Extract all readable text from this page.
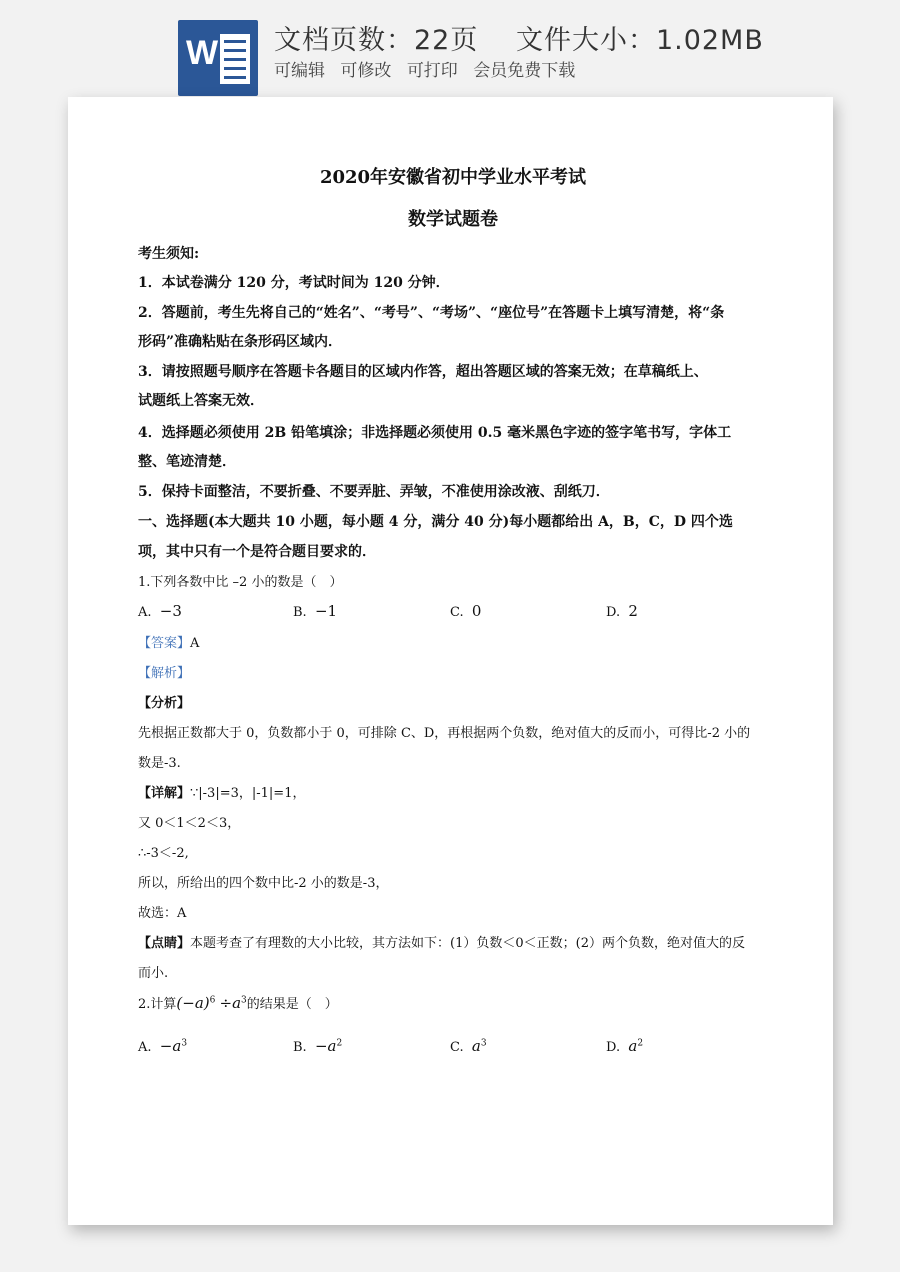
W 文档页数：22页　 文件大小：1.02MB
可编辑 可修改 可打印 会员免费下载
2020年安徽省初中学业水平考试
数学试题卷
考生须知:
1．本试卷满分 120 分，考试时间为 120 分钟．
2．答题前，考生先将自己的“姓名”、“考号”、“考场”、“座位号”在答题卡上填写清楚，将“条
形码”准确粘贴在条形码区域内．
3．请按照题号顺序在答题卡各题目的区域内作答，超出答题区域的答案无效；在草稿纸上、
试题纸上答案无效．
4．选择题必须使用 2B 铅笔填涂；非选择题必须使用 0.5 毫米黑色字迹的签字笔书写，字体工
整、笔迹清楚．
5．保持卡面整洁，不要折叠、不要弄脏、弄皱，不准使用涂改液、刮纸刀．
一、选择题(本大题共 10 小题，每小题 4 分，满分 40 分)每小题都给出 A，B，C，D 四个选
项，其中只有一个是符合题目要求的．
1.下列各数中比 –2 小的数是（　）
A. −3	B. −1	C. 0	D. 2
【答案】A
【解析】
【分析】
先根据正数都大于 0，负数都小于 0，可排除 C、D，再根据两个负数，绝对值大的反而小，可得比-2 小的
数是-3.
【详解】∵|-3|=3，|-1|=1，
又 0＜1＜2＜3，
∴-3＜-2,
所以，所给出的四个数中比-2 小的数是-3，
故选：A
【点睛】本题考查了有理数的大小比较，其方法如下：(1）负数＜0＜正数；(2）两个负数，绝对值大的反
而小.
2.计算$(-a)^6 \div a^3$的结果是（　）
A. $-a^3$	B. $-a^2$	C. $a^3$	D. $a^2$
